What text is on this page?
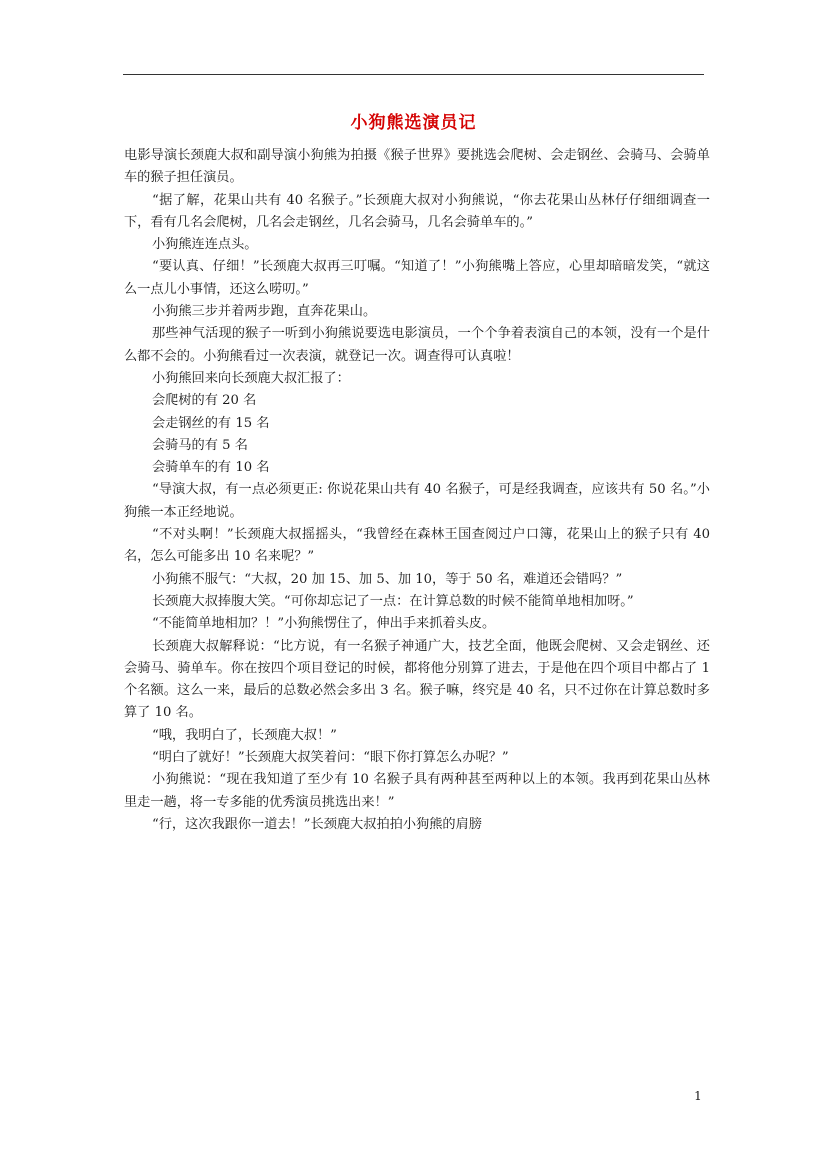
小狗熊选演员记

电影导演长颈鹿大叔和副导演小狗熊为拍摄《猴子世界》要挑选会爬树、会走钢丝、会骑马、会骑单车的猴子担任演员。

“据了解，花果山共有 40 名猴子。”长颈鹿大叔对小狗熊说，“你去花果山丛林仔仔细细调查一下，看有几名会爬树，几名会走钢丝，几名会骑马，几名会骑单车的。”

小狗熊连连点头。

“要认真、仔细！”长颈鹿大叔再三叮嘱。“知道了！”小狗熊嘴上答应，心里却暗暗发笑，“就这么一点儿小事情，还这么唠叨。”

小狗熊三步并着两步跑，直奔花果山。

那些神气活现的猴子一听到小狗熊说要选电影演员，一个个争着表演自己的本领，没有一个是什么都不会的。小狗熊看过一次表演，就登记一次。调查得可认真啦！

小狗熊回来向长颈鹿大叔汇报了：

会爬树的有 20 名

会走钢丝的有 15 名

会骑马的有 5 名

会骑单车的有 10 名

“导演大叔，有一点必须更正: 你说花果山共有 40 名猴子，可是经我调查，应该共有 50 名。”小狗熊一本正经地说。

“不对头啊！”长颈鹿大叔摇摇头，“我曾经在森林王国查阅过户口簿，花果山上的猴子只有 40 名，怎么可能多出 10 名来呢？”

小狗熊不服气：“大叔，20 加 15、加 5、加 10，等于 50 名，难道还会错吗？”

长颈鹿大叔捧腹大笑。“可你却忘记了一点：在计算总数的时候不能简单地相加呀。”

“不能简单地相加？！”小狗熊愣住了，伸出手来抓着头皮。

长颈鹿大叔解释说：“比方说，有一名猴子神通广大，技艺全面，他既会爬树、又会走钢丝、还会骑马、骑单车。你在按四个项目登记的时候，都将他分别算了进去，于是他在四个项目中都占了 1 个名额。这么一来，最后的总数必然会多出 3 名。猴子嘛，终究是 40 名，只不过你在计算总数时多算了 10 名。

“哦，我明白了，长颈鹿大叔！”

“明白了就好！”长颈鹿大叔笑着问：“眼下你打算怎么办呢？”

小狗熊说：“现在我知道了至少有 10 名猴子具有两种甚至两种以上的本领。我再到花果山丛林里走一趟，将一专多能的优秀演员挑选出来！”

“行，这次我跟你一道去！”长颈鹿大叔拍拍小狗熊的肩膀

1
